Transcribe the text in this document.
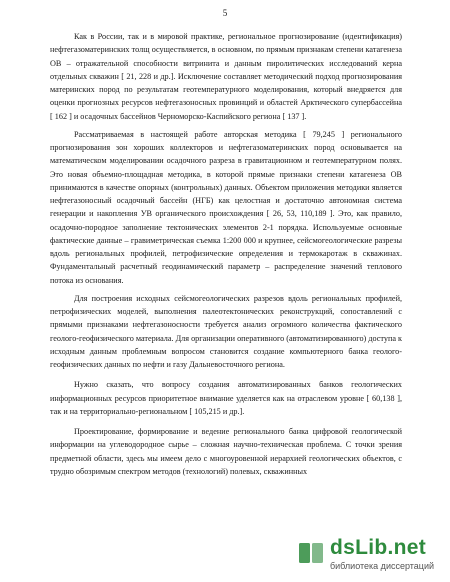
5

Как в России, так и в мировой практике, региональное прогнозирование (идентификация) нефтегазоматеринских толщ осуществляется, в основном, по прямым признакам степени катагенеза ОВ – отражательной способности витринита и данным пиролитических исследований керна отдельных скважин [ 21, 228 и др.]. Исключение составляет методический подход прогнозирования материнских пород по результатам геотемпературного моделирования, который внедряется для оценки прогнозных ресурсов нефтегазоносных провинций и областей Арктического супербассейна [ 162 ] и осадочных бассейнов Черноморско-Каспийского региона [ 137 ].

Рассматриваемая в настоящей работе авторская методика [ 79,245 ] регионального прогнозирования зон хороших коллекторов и нефтегазоматеринских пород основывается на математическом моделировании осадочного разреза в гравитационном и геотемпературном полях. Это новая объемно-площадная методика, в которой прямые признаки степени катагенеза ОВ принимаются в качестве опорных (контрольных) данных. Объектом приложения методики является нефтегазоносный осадочный бассейн (НГБ) как целостная и достаточно автономная система генерации и накопления УВ органического происхождения [ 26, 53, 110,189 ]. Это, как правило, осадочно-породное заполнение тектонических элементов 2-1 порядка. Используемые основные фактические данные – гравиметрическая съемка 1:200 000 и крупнее, сейсмогеологические разрезы вдоль региональных профилей, петрофизические определения и термокаротаж в скважинах. Фундаментальный расчетный геодинамический параметр – распределение значений теплового потока из основания.

Для построения исходных сейсмогеологических разрезов вдоль региональных профилей, петрофизических моделей, выполнения палеотектонических реконструкций, сопоставлений с прямыми признаками нефтегазоносности требуется анализ огромного количества фактического геолого-геофизического материала. Для организации оперативного (автоматизированного) доступа к исходным данным проблемным вопросом становится создание компьютерного банка геолого-геофизических данных по нефти и газу Дальневосточного региона.

Нужно сказать, что вопросу создания автоматизированных банков геологических информационных ресурсов приоритетное внимание уделяется как на отраслевом уровне [ 60,138 ], так и на территориально-региональном [ 105,215 и др.].

Проектирование, формирование и ведение регионального банка цифровой геологической информации на углеводородное сырье – сложная научно-техническая проблема. С точки зрения предметной области, здесь мы имеем дело с многоуровенной иерархией геологических объектов, с трудно обозримым спектром методов (технологий) полевых, скважинных

dsLib.net
библиотека диссертаций
